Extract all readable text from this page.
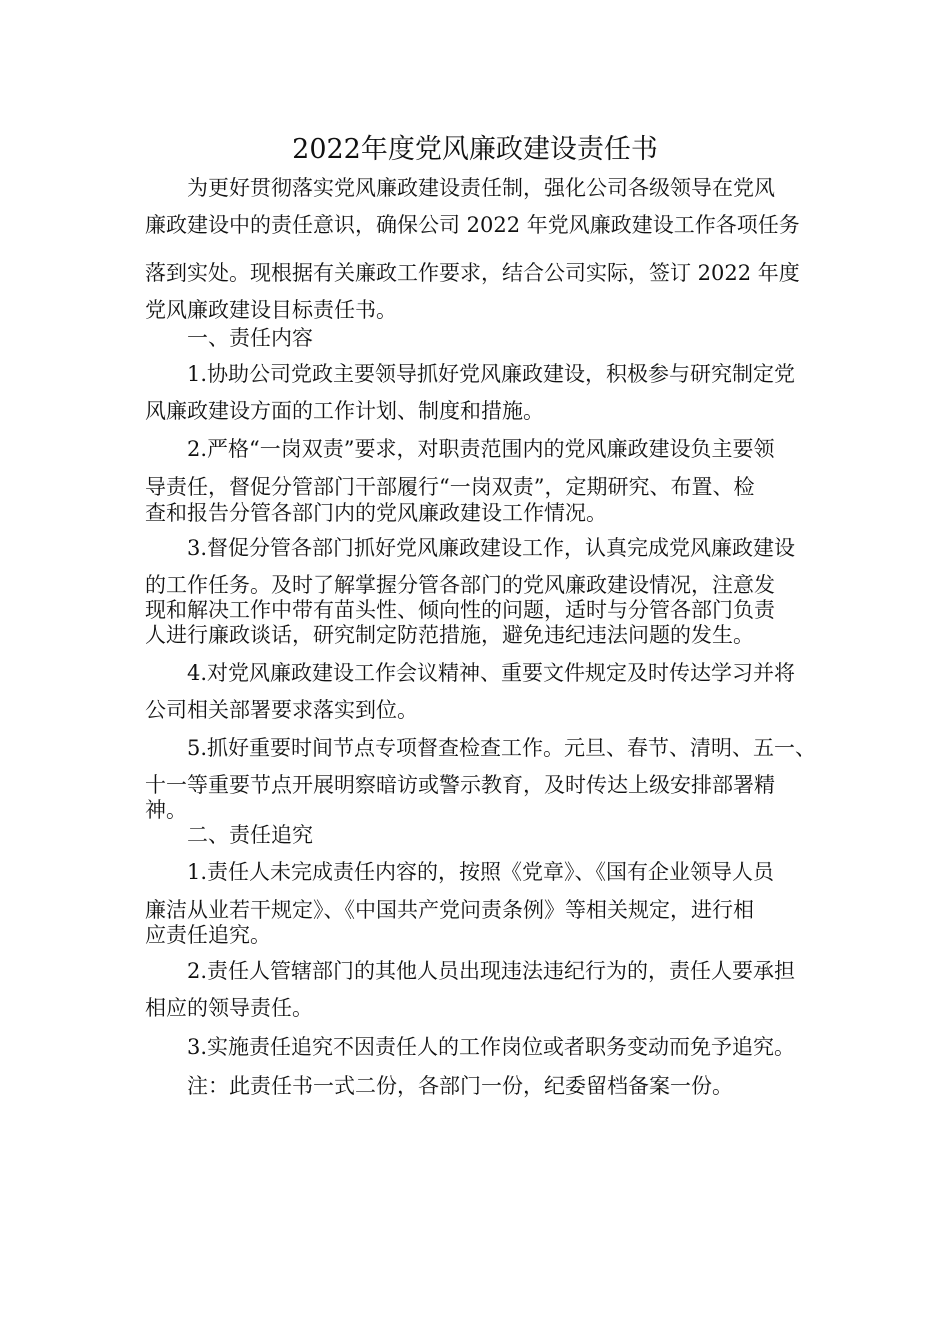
2022年度党风廉政建设责任书
为更好贯彻落实党风廉政建设责任制，强化公司各级领导在党风
廉政建设中的责任意识，确保公司 2022 年党风廉政建设工作各项任务
落到实处。现根据有关廉政工作要求，结合公司实际，签订 2022 年度
党风廉政建设目标责任书。
一、责任内容
1.协助公司党政主要领导抓好党风廉政建设，积极参与研究制定党
风廉政建设方面的工作计划、制度和措施。
2.严格“一岗双责”要求，对职责范围内的党风廉政建设负主要领
导责任，督促分管部门干部履行“一岗双责”，定期研究、布置、检
查和报告分管各部门内的党风廉政建设工作情况。
3.督促分管各部门抓好党风廉政建设工作，认真完成党风廉政建设
的工作任务。及时了解掌握分管各部门的党风廉政建设情况，注意发
现和解决工作中带有苗头性、倾向性的问题，适时与分管各部门负责
人进行廉政谈话，研究制定防范措施，避免违纪违法问题的发生。
4.对党风廉政建设工作会议精神、重要文件规定及时传达学习并将
公司相关部署要求落实到位。
5.抓好重要时间节点专项督查检查工作。元旦、春节、清明、五一、
十一等重要节点开展明察暗访或警示教育，及时传达上级安排部署精
神。
二、责任追究
1.责任人未完成责任内容的，按照《党章》、《国有企业领导人员
廉洁从业若干规定》、《中国共产党问责条例》等相关规定，进行相
应责任追究。
2.责任人管辖部门的其他人员出现违法违纪行为的，责任人要承担
相应的领导责任。
3.实施责任追究不因责任人的工作岗位或者职务变动而免予追究。
注：此责任书一式二份，各部门一份，纪委留档备案一份。
